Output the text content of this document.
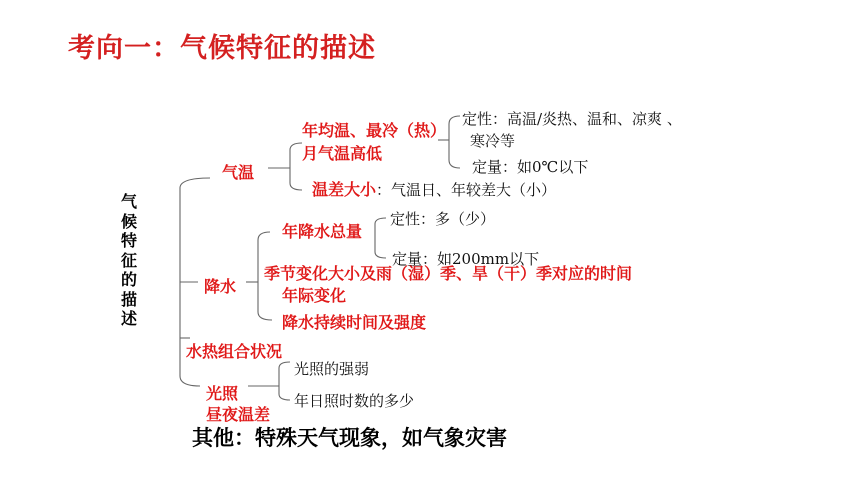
考向一：气候特征的描述
气候特征的描述
气温
年均温、最冷（热）
月气温高低
定性：高温/炎热、温和、凉爽 、
寒冷等
定量：如0℃以下
温差大小：气温日、年较差大（小）
降水
年降水总量
定性：多（少）
定量：如200mm以下
季节变化大小及雨（湿）季、旱（干）季对应的时间
年际变化
降水持续时间及强度
水热组合状况
光照
光照的强弱
年日照时数的多少
昼夜温差
其他：特殊天气现象，如气象灾害
